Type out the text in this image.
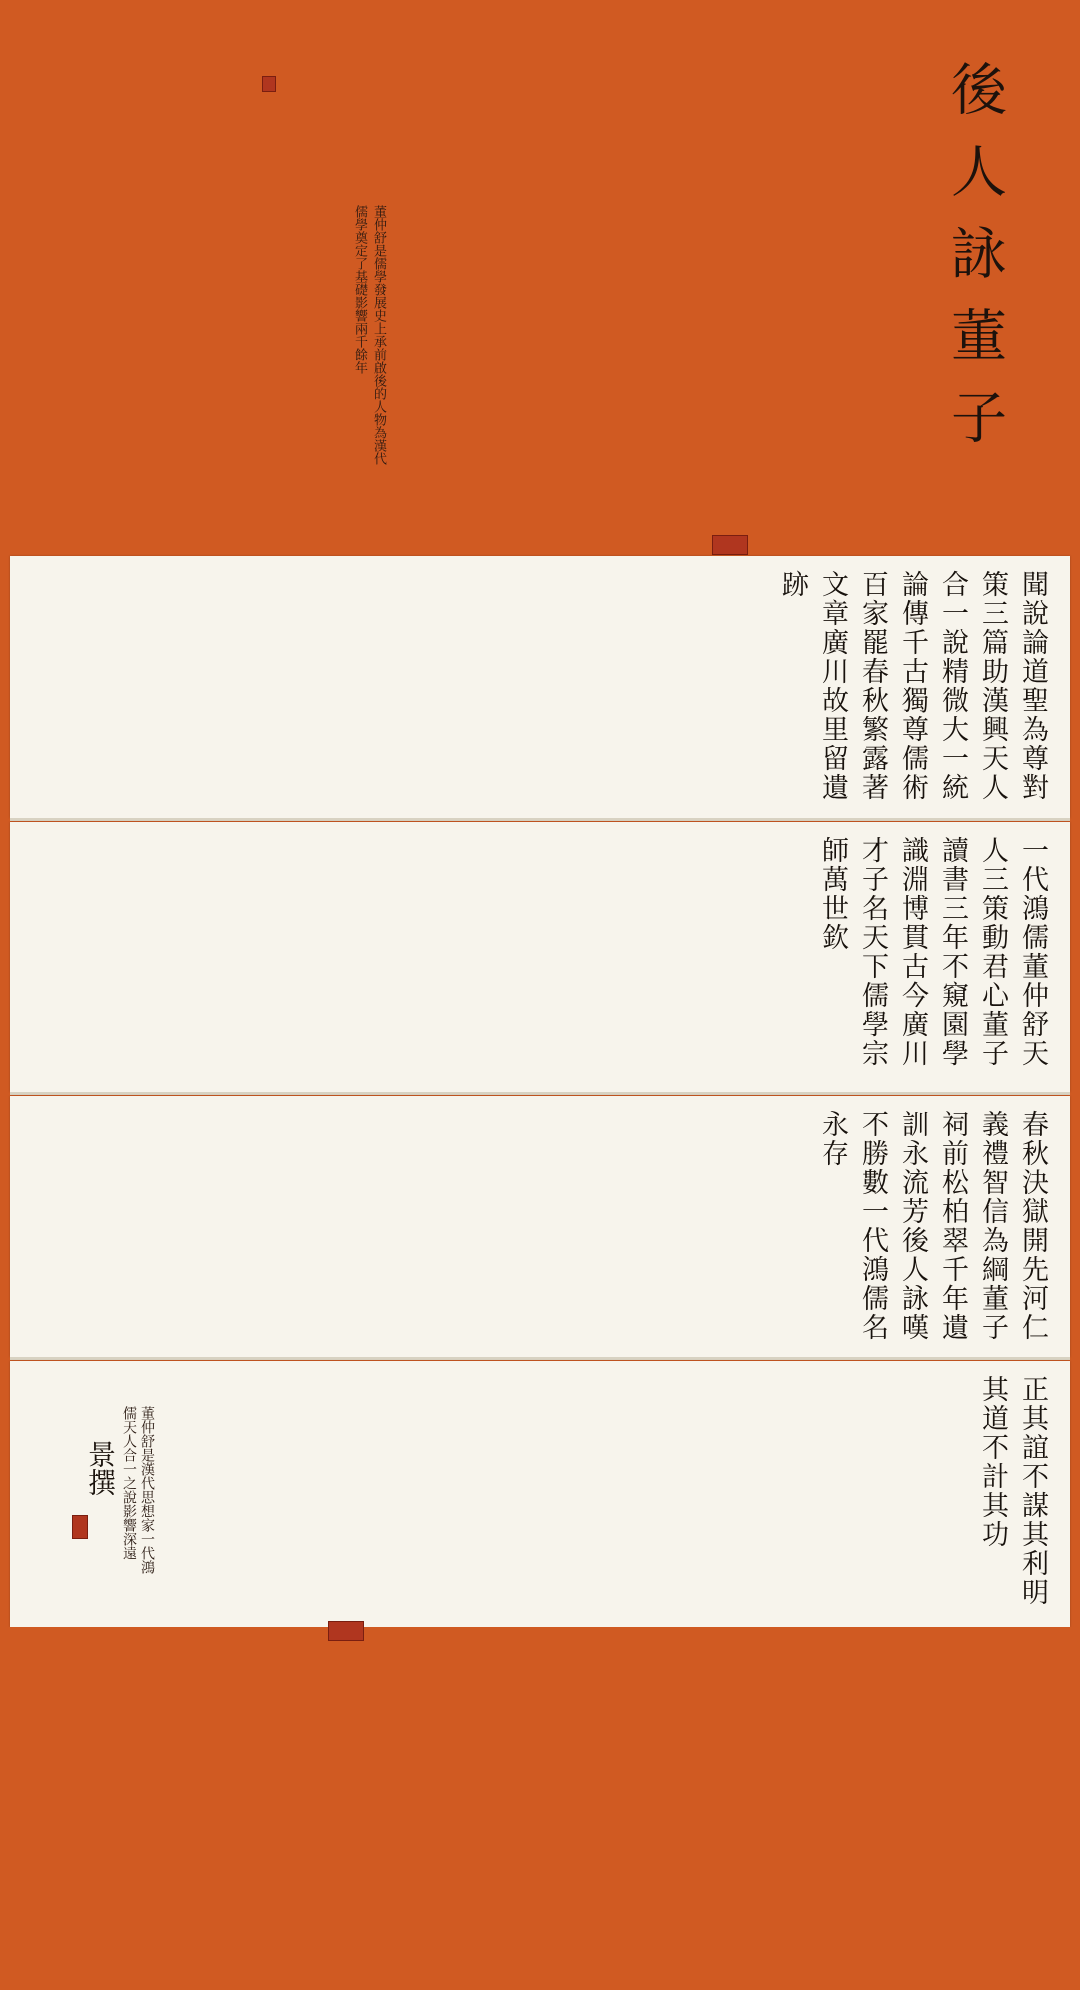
後人詠董子
董仲舒是儒學發展史上承前啟後的人物為漢代儒學奠定了基礎影響兩千餘年
聞說論道聖為尊對策三篇助漢興天人合一說精微大一統論傳千古獨尊儒術百家罷春秋繁露著文章廣川故里留遺跡
一代鴻儒董仲舒天人三策動君心董子讀書三年不窺園學識淵博貫古今廣川才子名天下儒學宗師萬世欽
春秋決獄開先河仁義禮智信為綱董子祠前松柏翠千年遺訓永流芳後人詠嘆不勝數一代鴻儒名永存
正其誼不謀其利明其道不計其功
董仲舒是漢代思想家一代鴻儒天人合一之說影響深遠
景撰
